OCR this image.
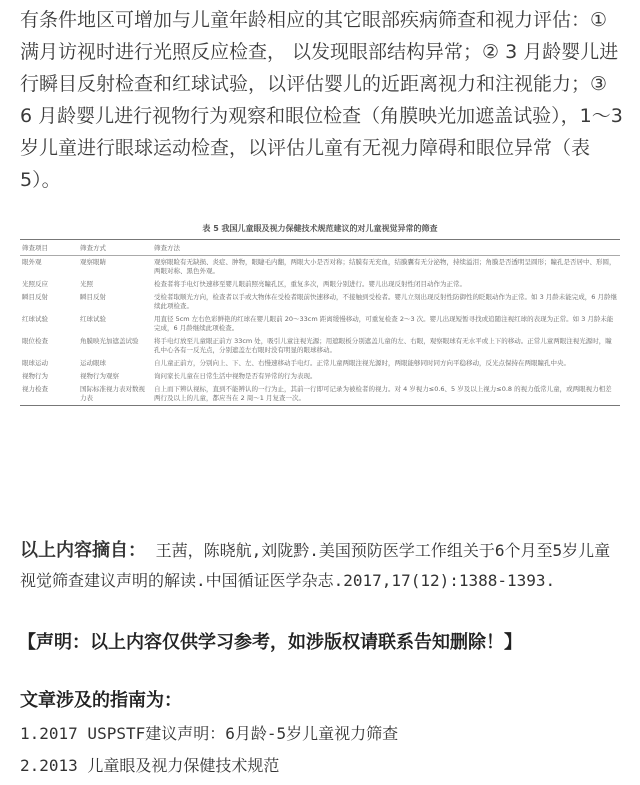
有条件地区可增加与儿童年龄相应的其它眼部疾病筛查和视力评估：① 满月访视时进行光照反应检查， 以发现眼部结构异常；② 3 月龄婴儿进行瞬目反射检查和红球试验，以评估婴儿的近距离视力和注视能力；③ 6 月龄婴儿进行视物行为观察和眼位检查（角膜映光加遮盖试验），1～3 岁儿童进行眼球运动检查，以评估儿童有无视力障碍和眼位异常（表 5）。

表 5 我国儿童眼及视力保健技术规范建议的对儿童视觉异常的筛查

筛查项目	筛查方式	筛查方法
眼外观	观察眼睛	观察眼睑有无缺损、炎症、肿物，眼睫毛内翻，两眼大小是否对称；结膜有无充血，结膜囊有无分泌物，持续溢泪；角膜是否透明呈圆形；瞳孔是否居中、形圆，两眼对称、黑色外观。
光照反应	光照	检查者将手电灯快速移至婴儿眼前照亮瞳孔区，重复多次，两眼分别进行。婴儿出现反射性闭目动作为正常。
瞬目反射	瞬目反射	受检者取顺光方向，检查者以手或大物体在受检者眼前快速移动，不接触到受检者。婴儿立刻出现反射性防御性的眨眼动作为正常。如 3 月龄未能完成，6 月龄继续此项检查。
红球试验	红球试验	用直径 5cm 左右色彩鲜艳的红球在婴儿眼前 20～33cm 距离缓慢移动，可重复检查 2～3 次。婴儿出现短暂寻找或追随注视红球的表现为正常。如 3 月龄未能完成，6 月龄继续此项检查。
眼位检查	角膜映光加遮盖试验	将手电灯放至儿童眼正前方 33cm 处，吸引儿童注视光源；用遮眼板分别遮盖儿童的左、右眼，观察眼球有无水平或上下的移动。正常儿童两眼注视光源时，瞳孔中心各有一反光点，分别遮盖左右眼时没有明显的眼球移动。
眼球运动	运动眼球	自儿童正前方，分别向上、下、左、右慢速移动手电灯。正常儿童两眼注视光源时，两眼能够同时同方向平稳移动，反光点保持在两眼瞳孔中央。
视物行为	视物行为观察	询问家长儿童在日常生活中视物是否有异常的行为表现。
视力检查	国际标准视力表对数视力表	自上而下辨认视标，直到不能辨认的一行为止，其前一行即可记录为被检者的视力。对 4 岁视力≤0.6、5 岁及以上视力≤0.8 的视力低常儿童，或两眼视力相差两行及以上的儿童，都应当在 2 周～1 月复查一次。

以上内容摘自： 王茜，陈晓航,刘陇黔.美国预防医学工作组关于6个月至5岁儿童视觉筛查建议声明的解读.中国循证医学杂志.2017,17(12):1388-1393.

【声明：以上内容仅供学习参考，如涉版权请联系告知删除！】

文章涉及的指南为：

1.2017 USPSTF建议声明：6月龄-5岁儿童视力筛查
2.2013 儿童眼及视力保健技术规范
